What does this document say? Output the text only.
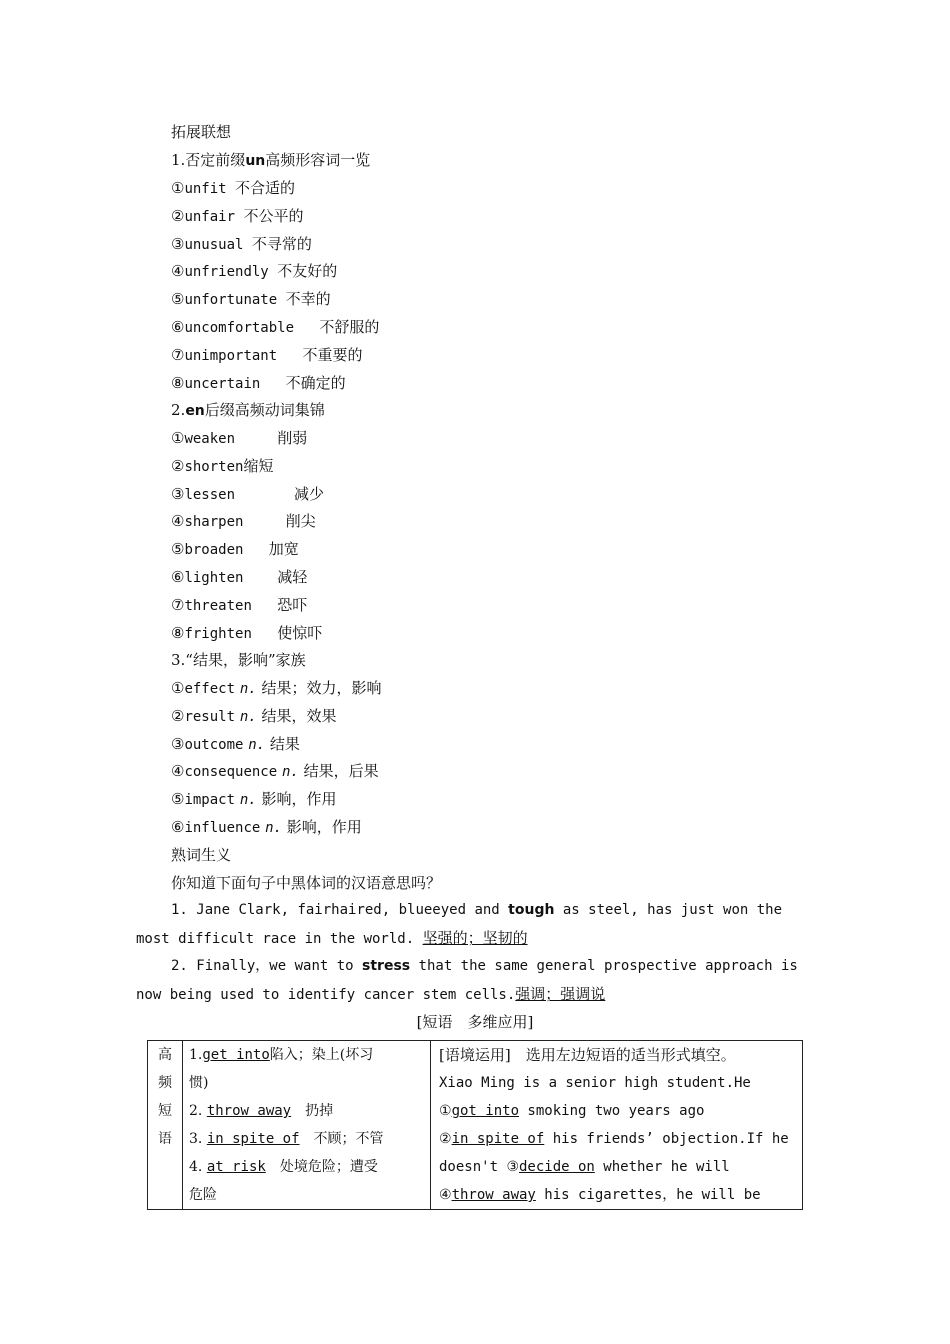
拓展联想
1.否定前缀un高频形容词一览
①unfit 不合适的
②unfair 不公平的
③unusual 不寻常的
④unfriendly 不友好的
⑤unfortunate 不幸的
⑥uncomfortable 不舒服的
⑦unimportant 不重要的
⑧uncertain 不确定的
2.en后缀高频动词集锦
①weaken	削弱
②shorten缩短
③lessen	减少
④sharpen	削尖
⑤broaden 加宽
⑥lighten 减轻
⑦threaten 恐吓
⑧frighten 使惊吓
3.“结果，影响”家族
①effect n. 结果；效力，影响
②result n. 结果，效果
③outcome n. 结果
④consequence n. 结果，后果
⑤impact n. 影响，作用
⑥influence n. 影响，作用
熟词生义
你知道下面句子中黑体词的汉语意思吗？
1. Jane Clark, fairhaired, blueeyed and tough as steel, has just won the
most difficult race in the world. 坚强的；坚韧的
2. Finally，we want to stress that the same general prospective approach is
now being used to identify cancer stem cells.强调；强调说
[短语　多维应用]
高
频
短
语

1.get into陷入；染上(坏习
惯)
2. throw away　 扔掉
3. in spite of　 不顾；不管
4. at risk　 处境危险；遭受
危险

[语境运用]　 选用左边短语的适当形式填空。
Xiao Ming is a senior high student.He
①got into smoking two years ago
②in spite of his friends’ objection.If he
doesn't ③decide on whether he will
④throw away his cigarettes，he will be
